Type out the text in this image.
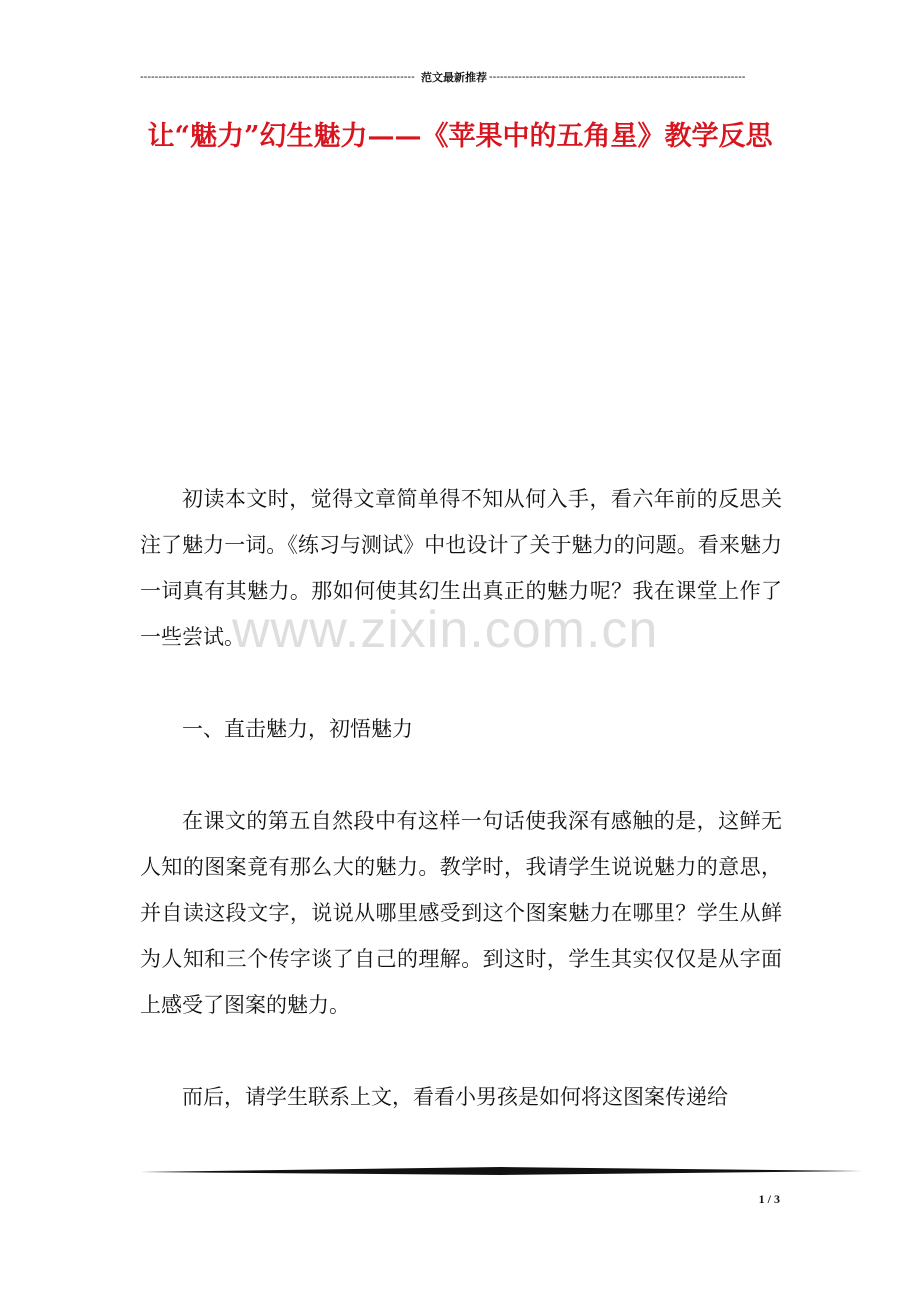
--------------------------------------------------------------------------- 范文最新推荐 ----------------------------------------------------------------------
让“魅力”幻生魅力——《苹果中的五角星》教学反思
www.zixin.com.cn

初读本文时，觉得文章简单得不知从何入手，看六年前的反思关注了魅力一词。《练习与测试》中也设计了关于魅力的问题。看来魅力一词真有其魅力。那如何使其幻生出真正的魅力呢？我在课堂上作了一些尝试。

一、直击魅力，初悟魅力

在课文的第五自然段中有这样一句话使我深有感触的是，这鲜无人知的图案竟有那么大的魅力。教学时，我请学生说说魅力的意思，并自读这段文字，说说从哪里感受到这个图案魅力在哪里？学生从鲜为人知和三个传字谈了自己的理解。到这时，学生其实仅仅是从字面上感受了图案的魅力。

而后，请学生联系上文，看看小男孩是如何将这图案传递给

1 / 3
